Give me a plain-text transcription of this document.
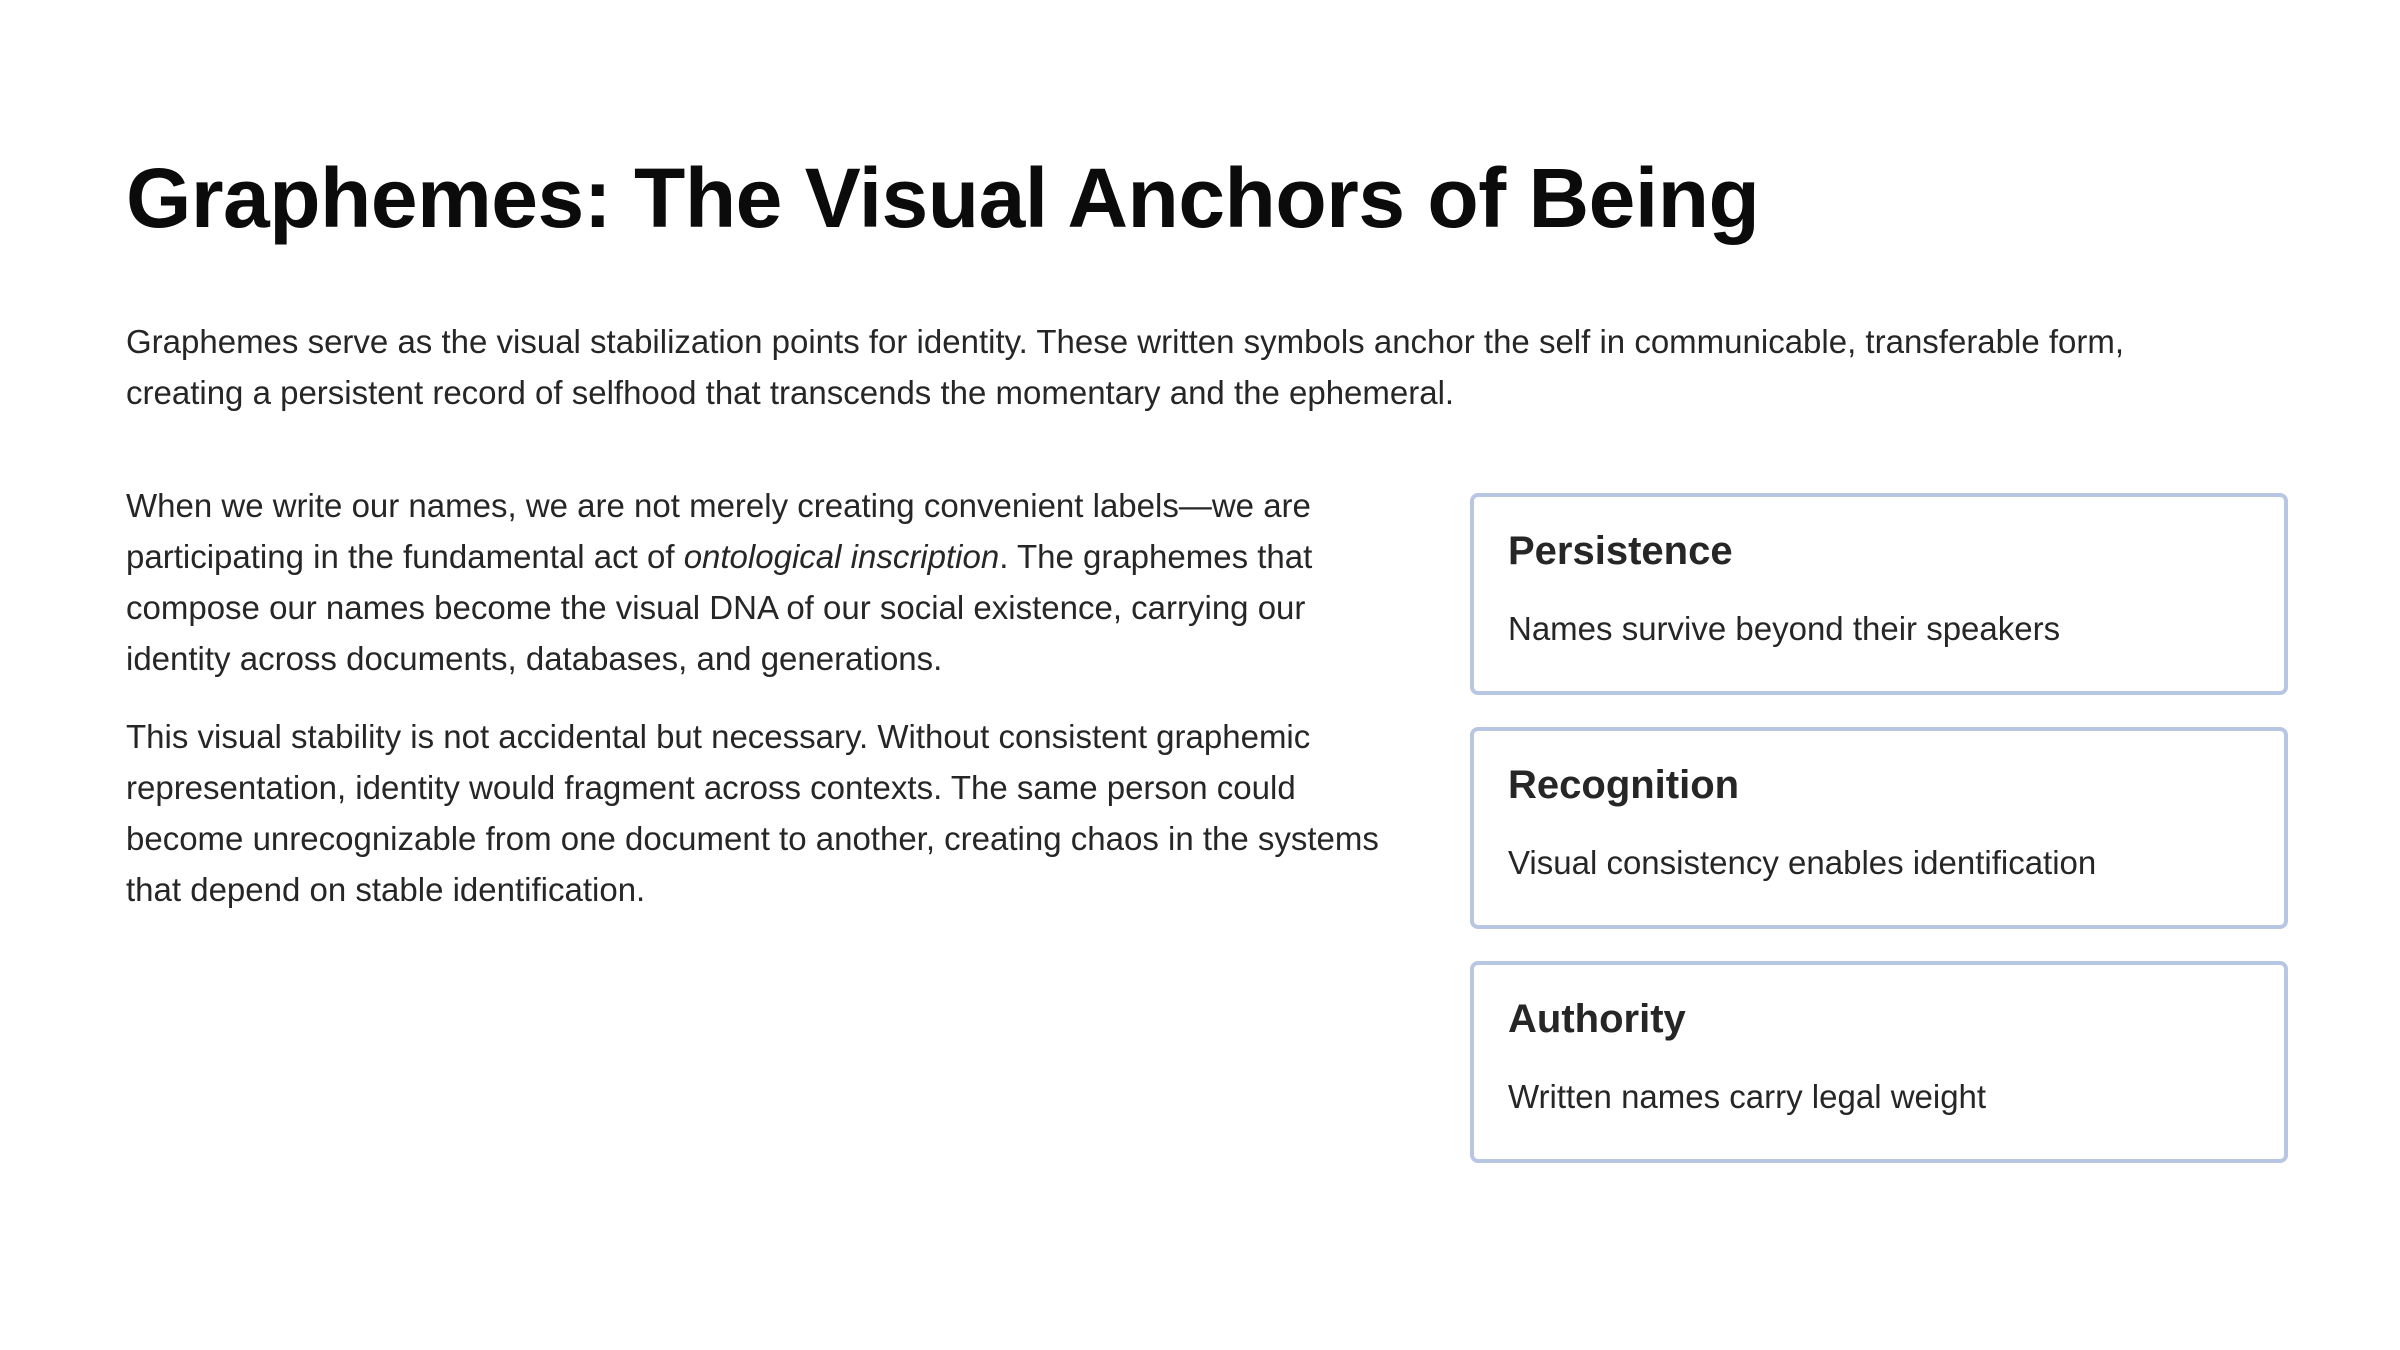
Graphemes: The Visual Anchors of Being

Graphemes serve as the visual stabilization points for identity. These written symbols anchor the self in communicable, transferable form, creating a persistent record of selfhood that transcends the momentary and the ephemeral.

When we write our names, we are not merely creating convenient labels—we are participating in the fundamental act of ontological inscription. The graphemes that compose our names become the visual DNA of our social existence, carrying our identity across documents, databases, and generations.

This visual stability is not accidental but necessary. Without consistent graphemic representation, identity would fragment across contexts. The same person could become unrecognizable from one document to another, creating chaos in the systems that depend on stable identification.

Persistence

Names survive beyond their speakers

Recognition

Visual consistency enables identification

Authority

Written names carry legal weight
